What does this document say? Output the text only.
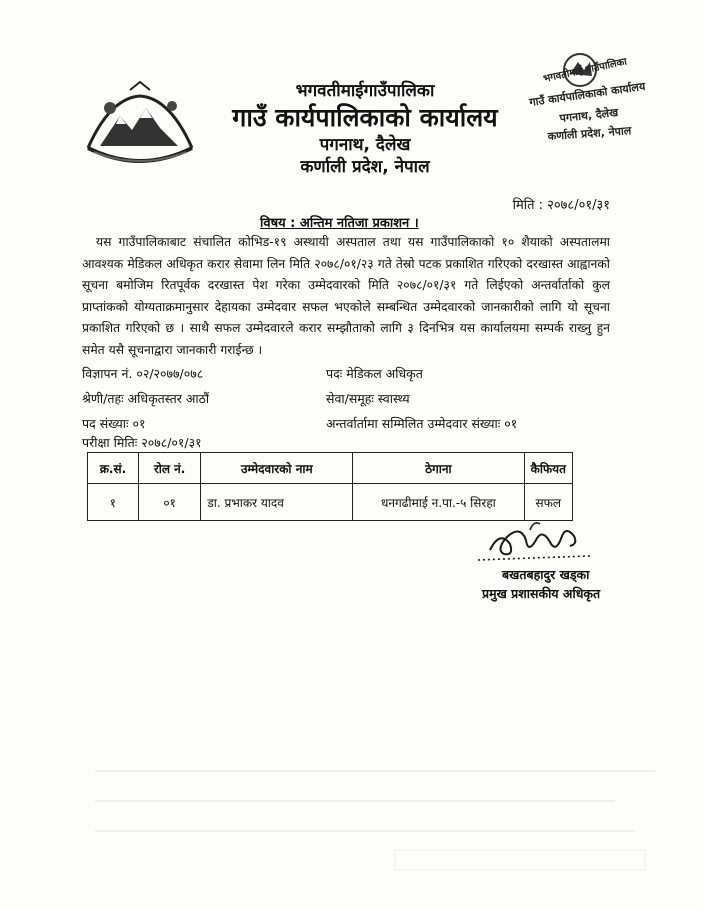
भगवतीमाईगाउँपालिका
गाउँ कार्यपालिकाको कार्यालय
पगनाथ, दैलेख
कर्णाली प्रदेश, नेपाल
भगवतीमाई गाउँपालिका
गाउँ कार्यपालिकाको कार्यालय
पगनाथ, दैलेख
कर्णाली प्रदेश, नेपाल
मिति : २०७८/०१/३१
विषय : अन्तिम नतिजा प्रकाशन ।
यस गाउँपालिकाबाट संचालित कोभिड-१९ अस्थायी अस्पताल तथा यस गाउँपालिकाको १० शैयाको अस्पतालमा आवश्यक मेडिकल अधिकृत करार सेवामा लिन मिति २०७८/०१/२३ गते तेस्रो पटक प्रकाशित गरिएको दरखास्त आह्वानको सूचना बमोजिम रितपूर्वक दरखास्त पेश गरेका उम्मेदवारको मिति २०७८/०१/३१ गते लिईएको अन्तर्वार्ताको कुल प्राप्तांकको योग्यताक्रमानुसार देहायका उम्मेदवार सफल भएकोले सम्बन्धित उम्मेदवारको जानकारीको लागि यो सूचना प्रकाशित गरिएको छ । साथै सफल उम्मेदवारले करार सम्झौताको लागि ३ दिनभित्र यस कार्यालयमा सम्पर्क राख्नु हुन समेत यसै सूचनाद्वारा जानकारी गराईन्छ ।
विज्ञापन नं. ०२/२०७७/०७८	पदः मेडिकल अधिकृत
श्रेणी/तहः अधिकृतस्तर आठौं	सेवा/समूहः स्वास्थ्य
पद संख्याः ०१	अन्तर्वार्तामा सम्मिलित उम्मेदवार संख्याः ०१
परीक्षा मितिः २०७८/०१/३१
क्र.सं.	रोल नं.	उम्मेदवारको नाम	ठेगाना	कैफियत
१	०१	डा. प्रभाकर यादव	धनगढीमाई न.पा.-५ सिरहा	सफल
बखतबहादुर खड्का
प्रमुख प्रशासकीय अधिकृत
